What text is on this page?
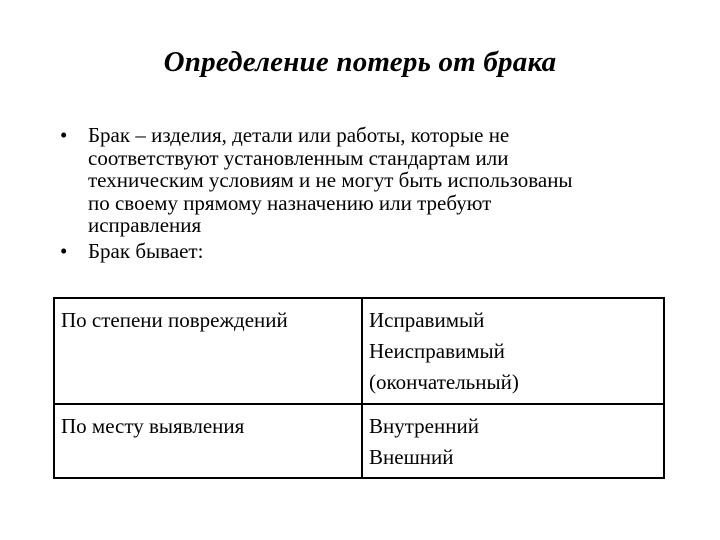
Определение потерь от брака
• Брак – изделия, детали или работы, которые не
соответствуют установленным стандартам или
техническим условиям и не могут быть использованы
по своему прямому назначению или требуют
исправления
• Брак бывает:
По степени повреждений	Исправимый
Неисправимый
(окончательный)

По месту выявления	Внутренний
Внешний
